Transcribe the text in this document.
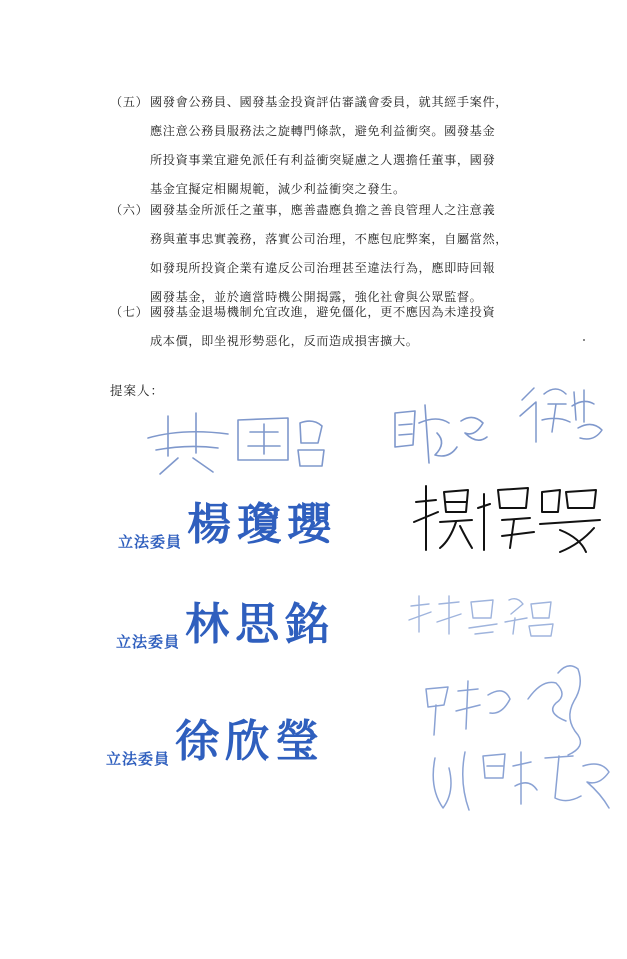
（五） 國發會公務員、國發基金投資評估審議會委員，就其經手案件，
應注意公務員服務法之旋轉門條款，避免利益衝突。國發基金
所投資事業宜避免派任有利益衝突疑慮之人選擔任董事，國發
基金宜擬定相關規範，減少利益衝突之發生。
（六） 國發基金所派任之董事，應善盡應負擔之善良管理人之注意義
務與董事忠實義務，落實公司治理，不應包庇弊案，自屬當然，
如發現所投資企業有違反公司治理甚至違法行為，應即時回報
國發基金，並於適當時機公開揭露，強化社會與公眾監督。
（七） 國發基金退場機制允宜改進，避免僵化，更不應因為未達投資
成本價，即坐視形勢惡化，反而造成損害擴大。
提案人：
立法委員 楊瓊瓔
立法委員 林思銘
立法委員 徐欣瑩
